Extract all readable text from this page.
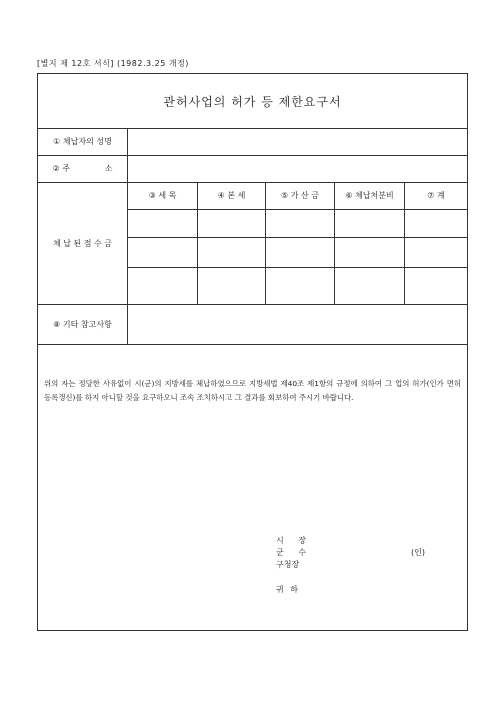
[별지 제 12호 서식] (1982.3.25 개정)
관허사업의 허가 등 제한요구서
① 체납자의 성명
② 주	소
체 납 된 점 수 금
③ 세 목	④ 본 세	⑤ 가 산 금	⑥ 체납처분비	⑦ 계
⑧ 기타 참고사항

위의 자는 정당한 사유없이 시(군)의 지방세를 체납하였으므로 지방세법 제40조 제1항의 규정에 의하여 그 업의 허가(인가 면허 등록갱신)를 하지 아니할 것을 요구하오니 조속 조치하시고 그 결과를 회보하여 주시기 바랍니다.

시 장
군 수
구청장
(인)
귀 하
